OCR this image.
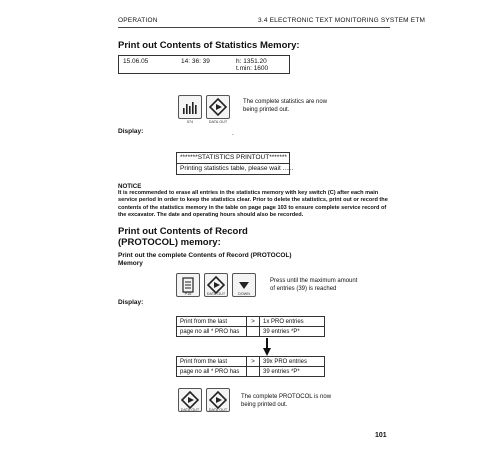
OPERATION	3.4 ELECTRONIC TEXT MONITORING SYSTEM ETM
Print out Contents of Statistics Memory:
15.06.05	14: 36: 39	h: 1351.20
t.min: 1600
574	DATA OUT
The complete statistics are now being printed out.
Display:	.
*******STATISTICS PRINTOUT*******
Printing statistics table, please wait ......
NOTICE
It is recommended to erase all entries in the statistics memory with key switch (C) after each main service period in order to keep the statistics clear. Prior to delete the statistics, print out or record the contents of the statistics memory in the table on page page 103 to ensure complete service record of the excavator. The date and operating hours should also be recorded.
Print out Contents of Record (PROTOCOL) memory:
Print out the complete Contents of Record (PROTOCOL) Memory
P16	DATA OUT	DOWN
Press until the maximum amount of entries (39) is reached
Display:
Print from the last	>	1x PRO entries
page no all * PRO has	39 entries *P*
Print from the last	>	39x PRO entries
page no all * PRO has	39 entries *P*
DATA OUT	DATA OUT
The complete PROTOCOL is now being printed out.
101
